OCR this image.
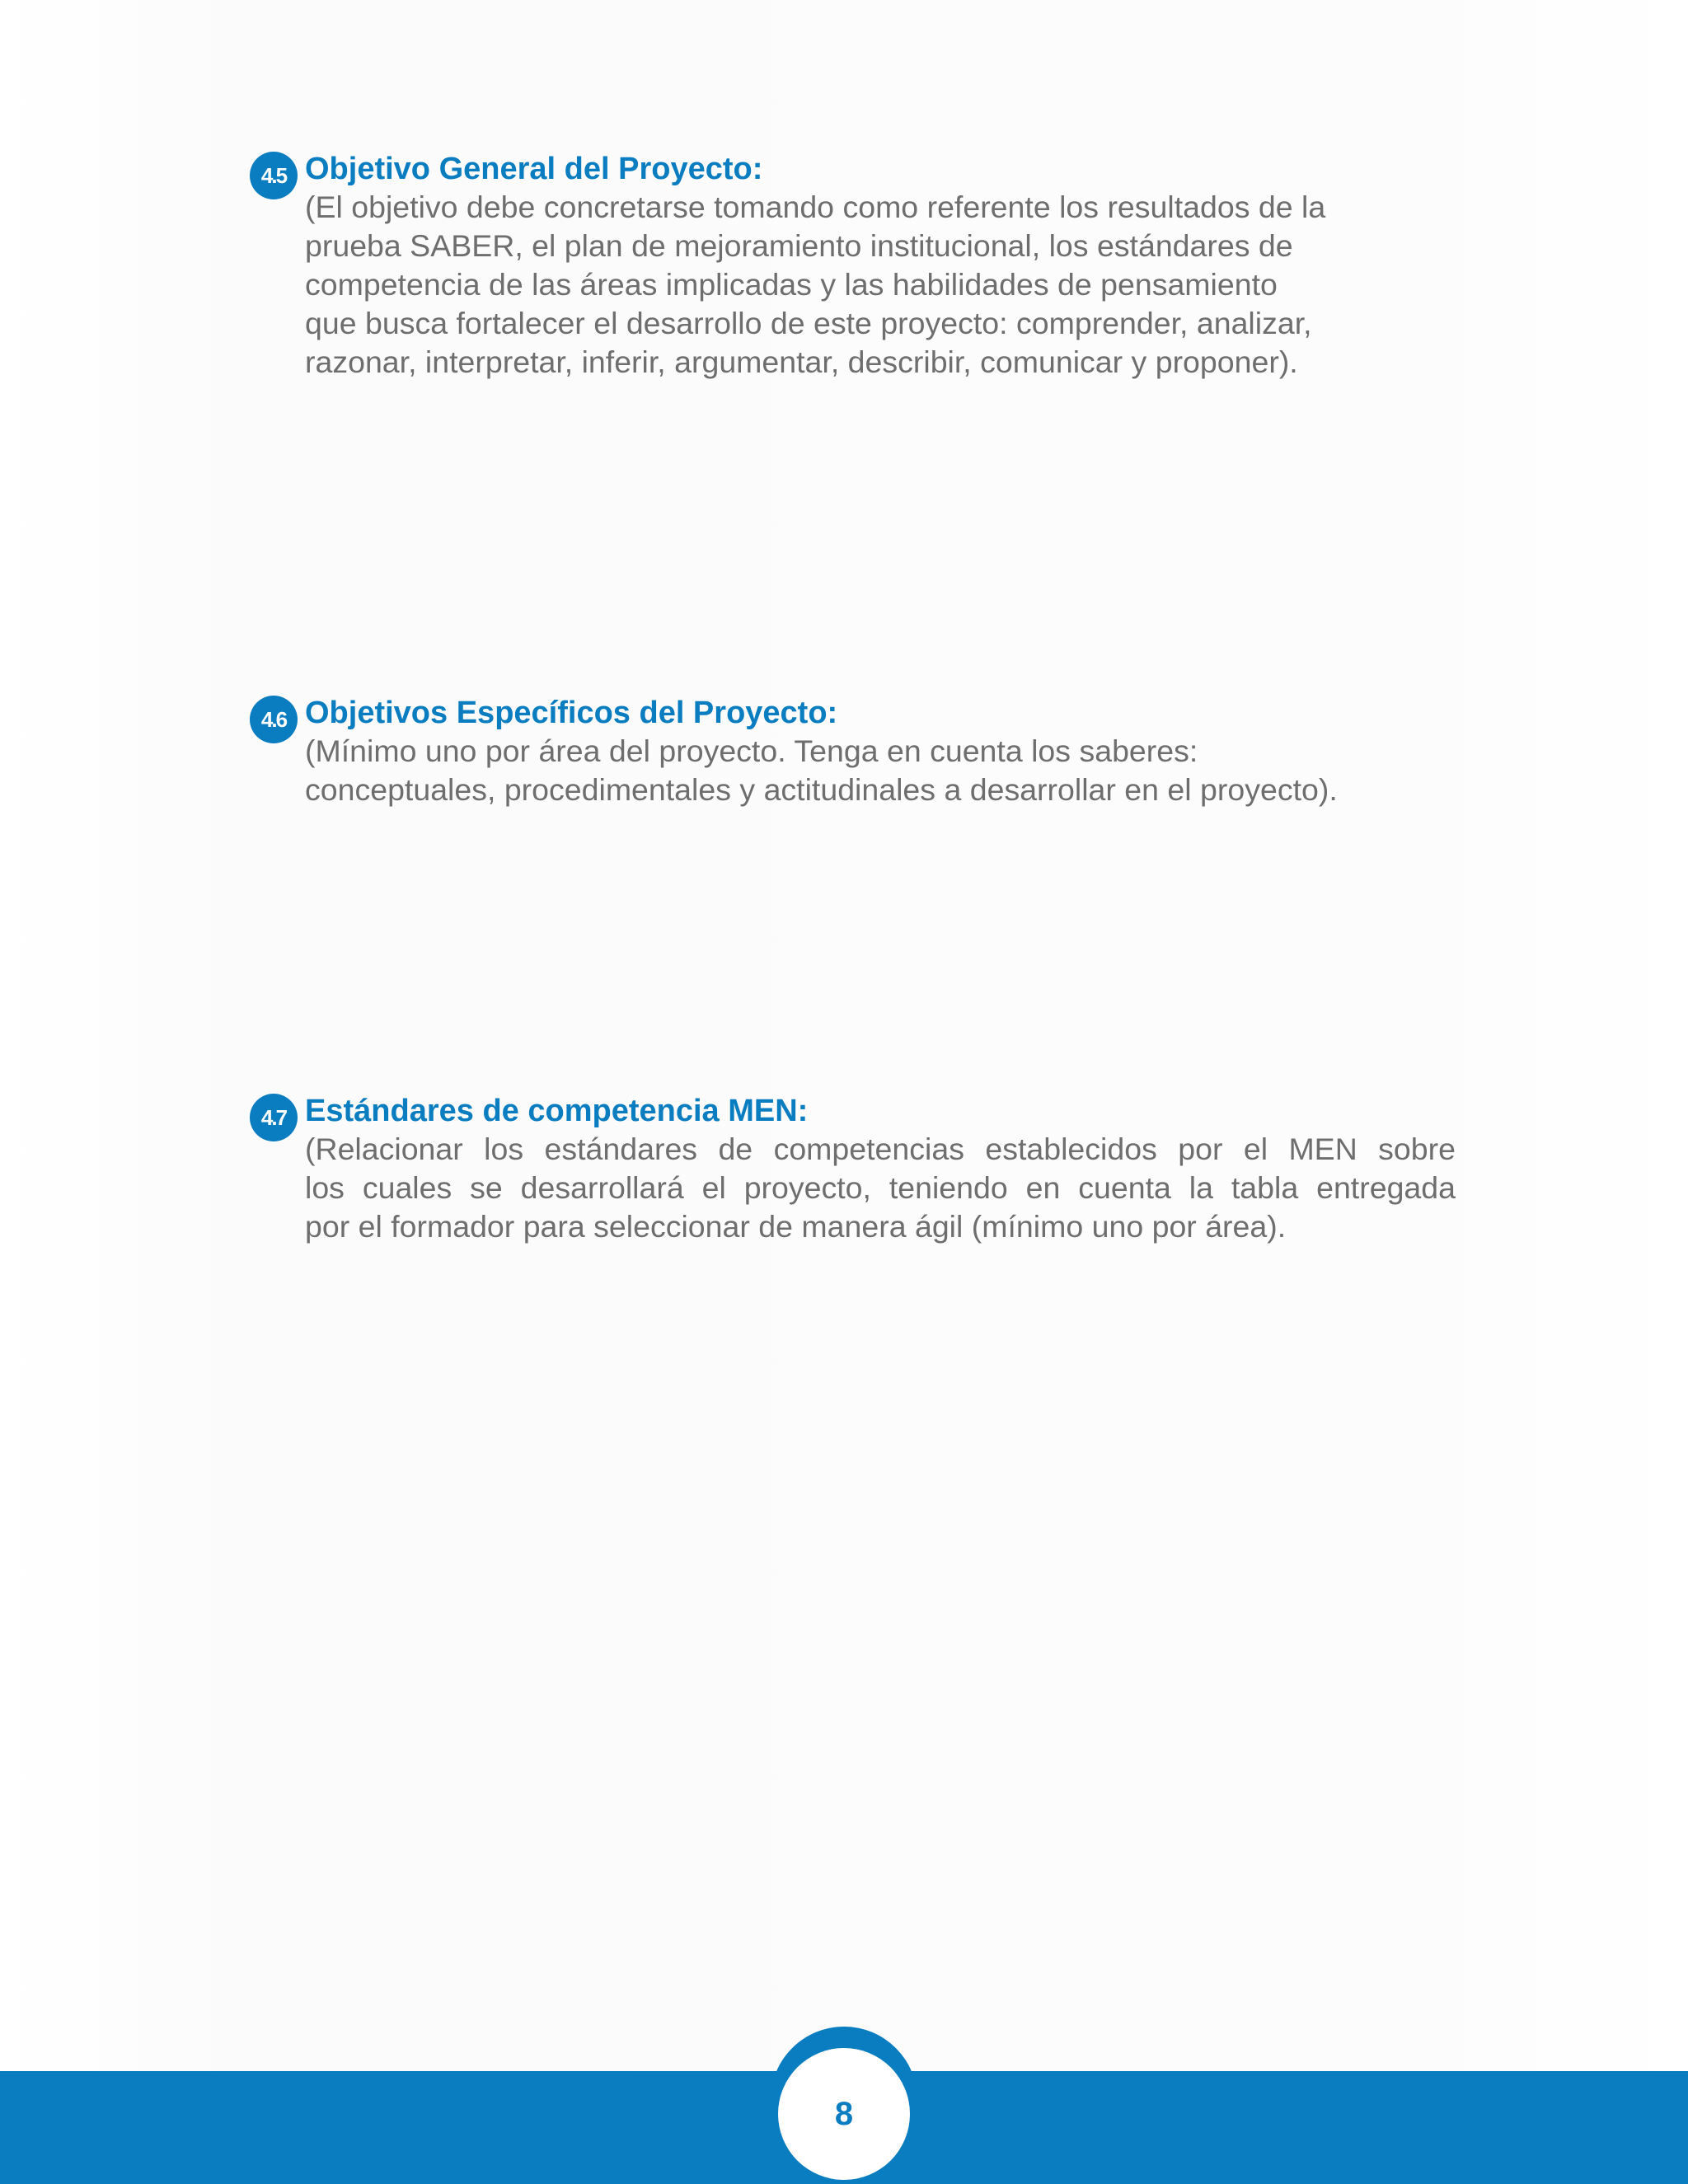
4.5 Objetivo General del Proyecto:

(El objetivo debe concretarse tomando como referente los resultados de la
prueba SABER, el plan de mejoramiento institucional, los estándares de
competencia de las áreas implicadas y las habilidades de pensamiento
que busca fortalecer el desarrollo de este proyecto: comprender, analizar,
razonar, interpretar, inferir, argumentar, describir, comunicar y proponer).

4.6 Objetivos Específicos del Proyecto:

(Mínimo uno por área del proyecto. Tenga en cuenta los saberes:
conceptuales, procedimentales y actitudinales a desarrollar en el proyecto).

4.7 Estándares de competencia MEN:

(Relacionar los estándares de competencias establecidos por el MEN sobre
los cuales se desarrollará el proyecto, teniendo en cuenta la tabla entregada
por el formador para seleccionar de manera ágil (mínimo uno por área).

8
